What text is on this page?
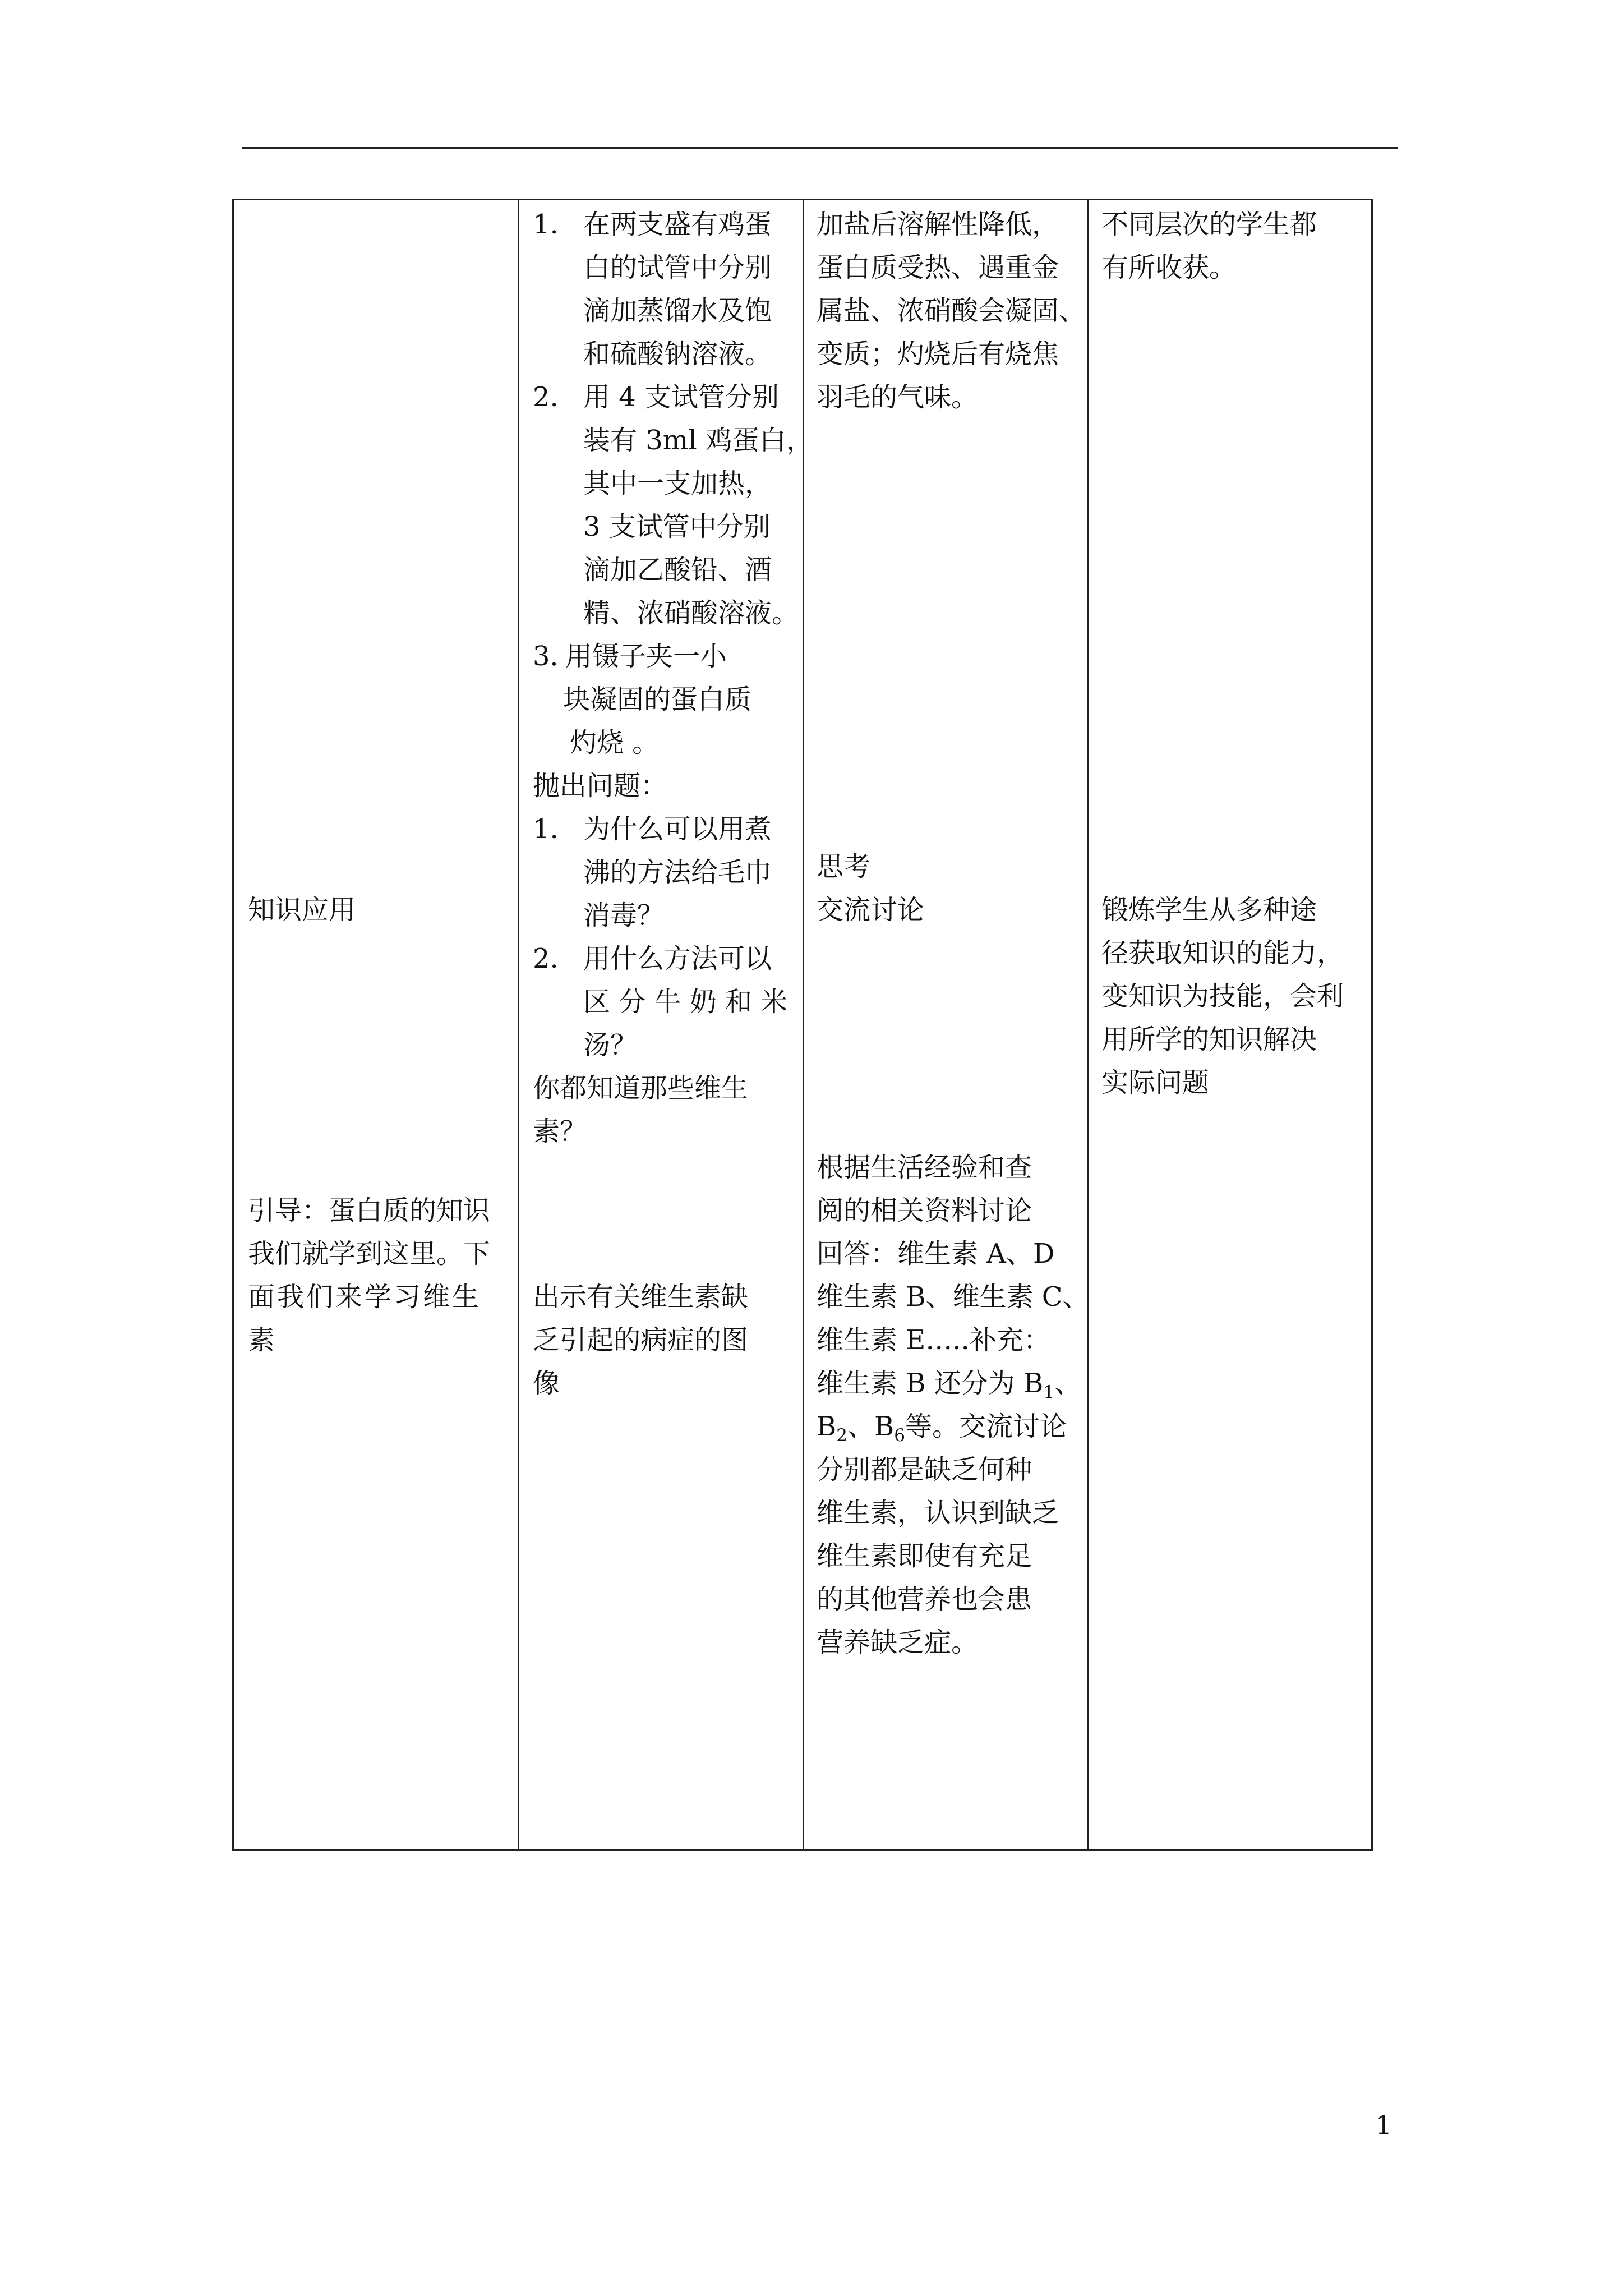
知识应用
引导：蛋白质的知识
我们就学到这里。下
面我们来学习维生
素
1. 在两支盛有鸡蛋
白的试管中分别
滴加蒸馏水及饱
和硫酸钠溶液。
2. 用 4 支试管分别
装有 3ml 鸡蛋白，
其中一支加热，
3 支试管中分别
滴加乙酸铅、酒
精、浓硝酸溶液。
3．
用镊子夹一小
块凝固的蛋白质
灼烧 。
抛出问题：
1. 为什么可以用煮
沸的方法给毛巾
消毒？
2. 用什么方法可以
区 分 牛 奶 和 米
汤？
你都知道那些维生
素？
出示有关维生素缺
乏引起的病症的图
像
加盐后溶解性降低，
蛋白质受热、遇重金
属盐、浓硝酸会凝固、
变质；灼烧后有烧焦
羽毛的气味。
思考
交流讨论
根据生活经验和查
阅的相关资料讨论
回答：维生素 A、D
维生素 B、维生素 C、
维生素 E…..补充：
维生素 B 还分为 $B_1$、
$B_2$、$B_6$等。交流讨论
分别都是缺乏何种
维生素，认识到缺乏
维生素即使有充足
的其他营养也会患
营养缺乏症。
不同层次的学生都
有所收获。
锻炼学生从多种途
径获取知识的能力，
变知识为技能，会利
用所学的知识解决
实际问题
1
